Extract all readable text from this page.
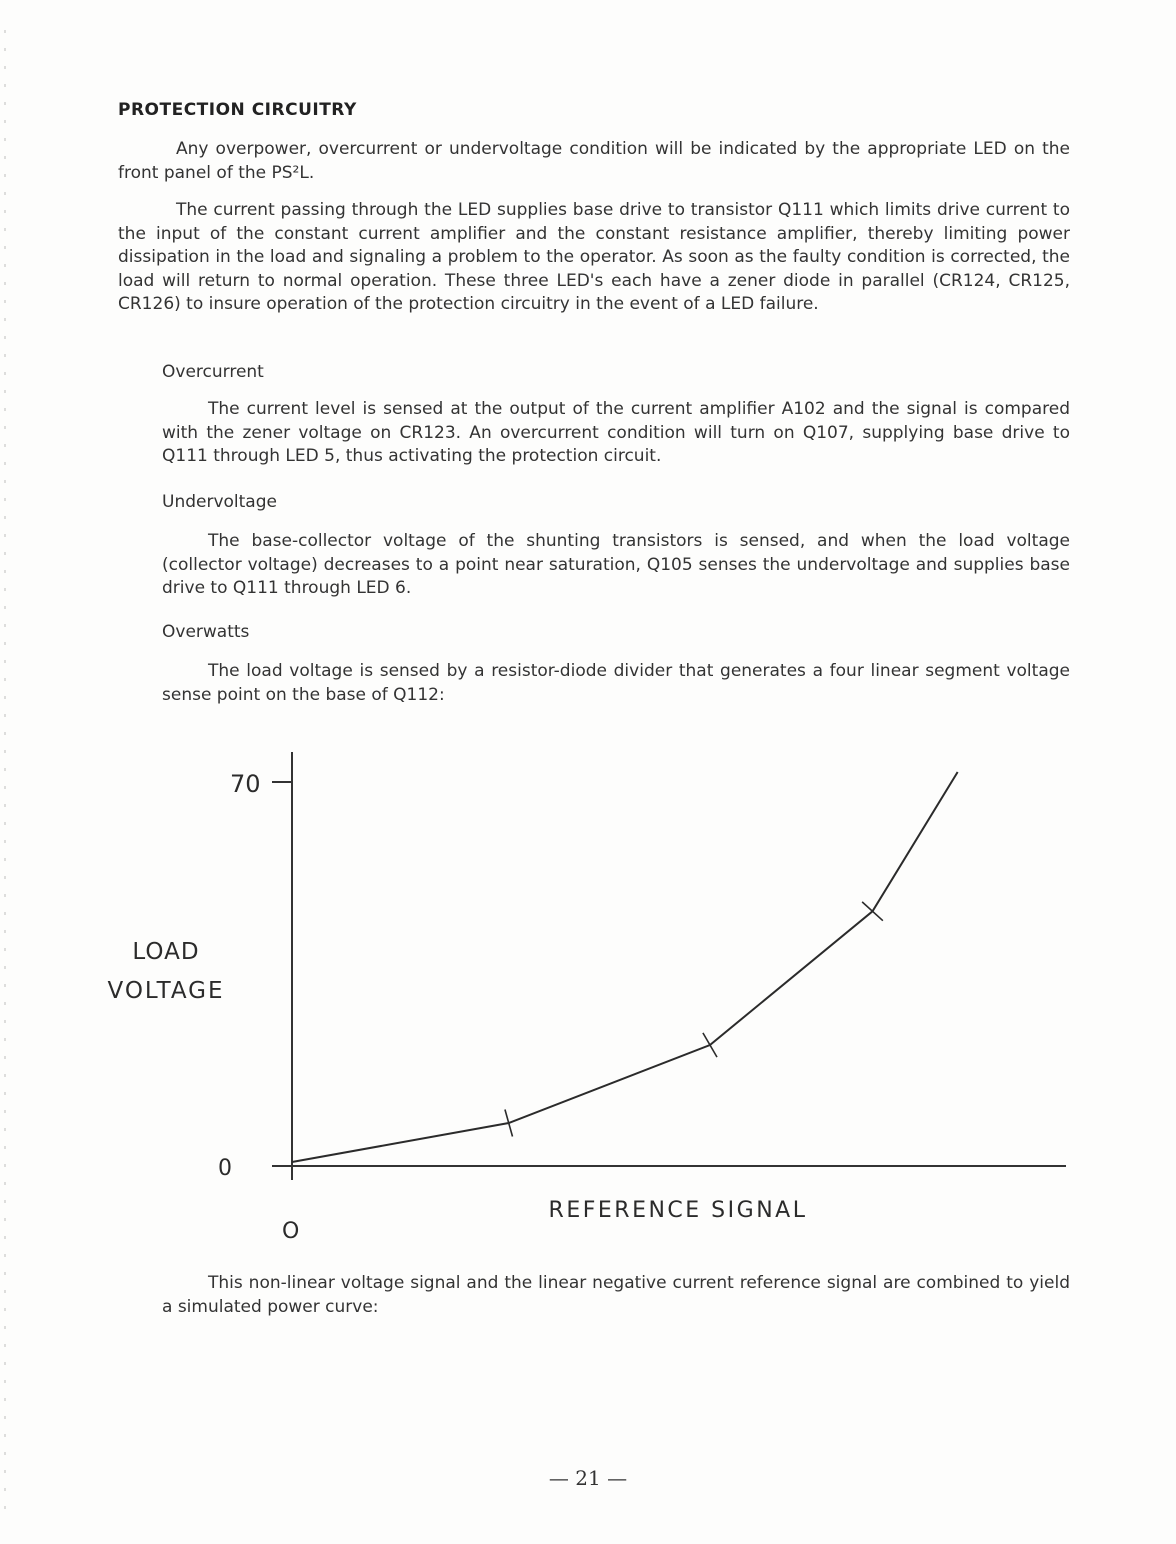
PROTECTION CIRCUITRY

Any overpower, overcurrent or undervoltage condition will be indicated by the appropriate LED on the front panel of the PS²L.

The current passing through the LED supplies base drive to transistor Q111 which limits drive current to the input of the constant current amplifier and the constant resistance amplifier, thereby limiting power dissipation in the load and signaling a problem to the operator. As soon as the faulty condition is corrected, the load will return to normal operation. These three LED's each have a zener diode in parallel (CR124, CR125, CR126) to insure operation of the protection circuitry in the event of a LED failure.

Overcurrent

The current level is sensed at the output of the current amplifier A102 and the signal is compared with the zener voltage on CR123. An overcurrent condition will turn on Q107, supplying base drive to Q111 through LED 5, thus activating the protection circuit.

Undervoltage

The base-collector voltage of the shunting transistors is sensed, and when the load voltage (collector voltage) decreases to a point near saturation, Q105 senses the undervoltage and supplies base drive to Q111 through LED 6.

Overwatts

The load voltage is sensed by a resistor-diode divider that generates a four linear segment voltage sense point on the base of Q112:

70
0
O
LOAD
VOLTAGE
REFERENCE SIGNAL

This non-linear voltage signal and the linear negative current reference signal are combined to yield a simulated power curve:

— 21 —
